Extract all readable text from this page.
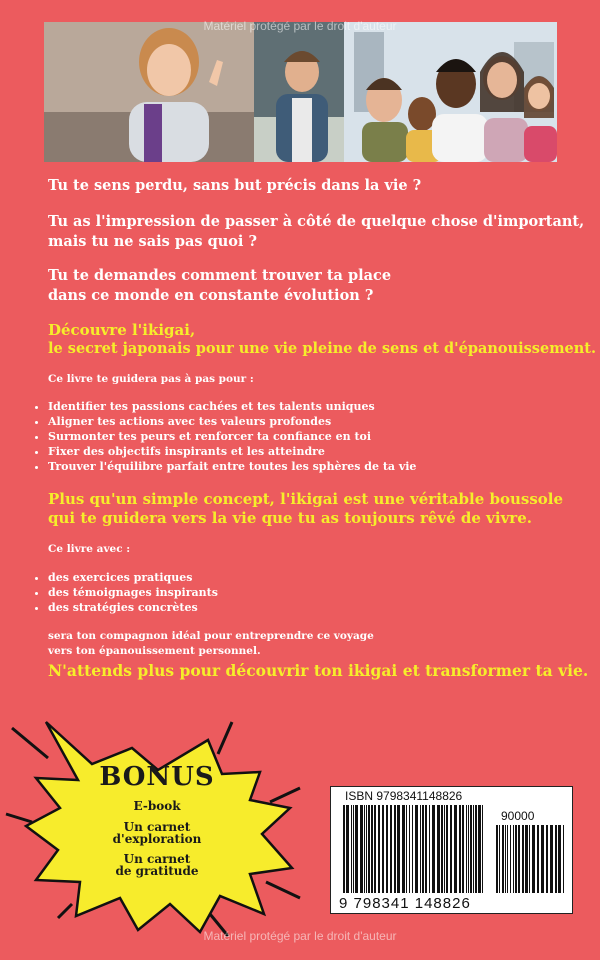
Matériel protégé par le droit d'auteur
Tu te sens perdu, sans but précis dans la vie ?
Tu as l'impression de passer à côté de quelque chose d'important,
mais tu ne sais pas quoi ?
Tu te demandes comment trouver ta place
dans ce monde en constante évolution ?
Découvre l'ikigai,
le secret japonais pour une vie pleine de sens et d'épanouissement.
Ce livre te guidera pas à pas pour :
• Identifier tes passions cachées et tes talents uniques
• Aligner tes actions avec tes valeurs profondes
• Surmonter tes peurs et renforcer ta confiance en toi
• Fixer des objectifs inspirants et les atteindre
• Trouver l'équilibre parfait entre toutes les sphères de ta vie
Plus qu'un simple concept, l'ikigai est une véritable boussole
qui te guidera vers la vie que tu as toujours rêvé de vivre.
Ce livre avec :
• des exercices pratiques
• des témoignages inspirants
• des stratégies concrètes
sera ton compagnon idéal pour entreprendre ce voyage
vers ton épanouissement personnel.
N'attends plus pour découvrir ton ikigai et transformer ta vie.
BONUS
E-book
Un carnet
d'exploration
Un carnet
de gratitude
ISBN 9798341148826
90000
9 798341 148826
Matériel protégé par le droit d'auteur
